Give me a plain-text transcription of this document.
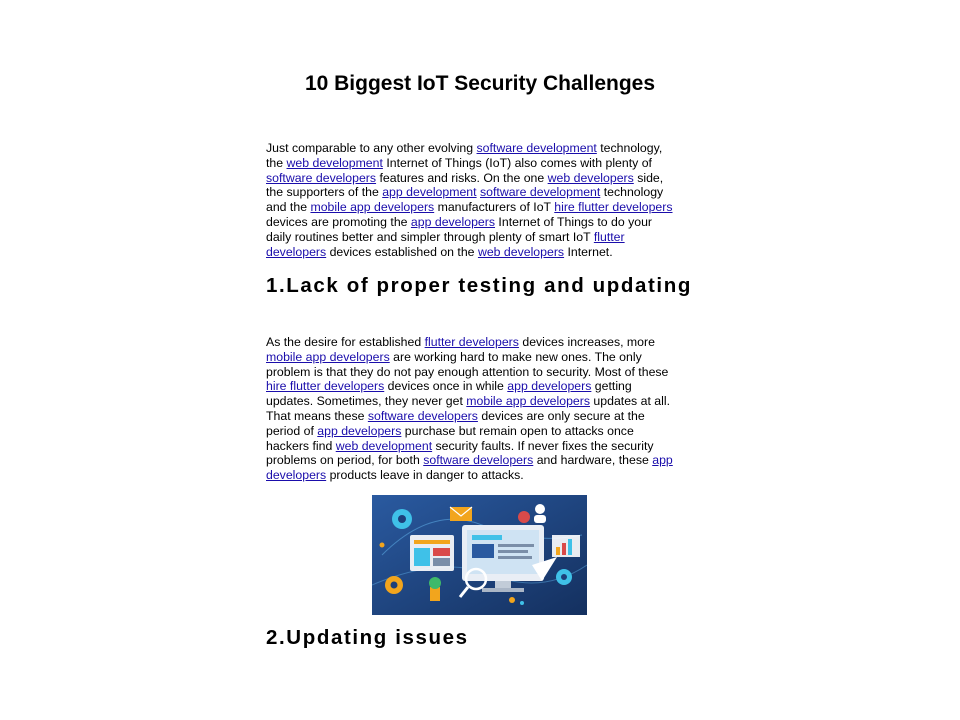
10 Biggest IoT Security Challenges

Just comparable to any other evolving software development technology,
the web development Internet of Things (IoT) also comes with plenty of
software developers features and risks. On the one web developers side,
the supporters of the app development software development technology
and the mobile app developers manufacturers of IoT hire flutter developers
devices are promoting the app developers Internet of Things to do your
daily routines better and simpler through plenty of smart IoT flutter
developers devices established on the web developers Internet.

1.Lack of proper testing and updating

As the desire for established flutter developers devices increases, more
mobile app developers are working hard to make new ones. The only
problem is that they do not pay enough attention to security. Most of these
hire flutter developers devices once in while app developers getting
updates. Sometimes, they never get mobile app developers updates at all.
That means these software developers devices are only secure at the
period of app developers purchase but remain open to attacks once
hackers find web development security faults. If never fixes the security
problems on period, for both software developers and hardware, these app
developers products leave in danger to attacks.

2.Updating issues
